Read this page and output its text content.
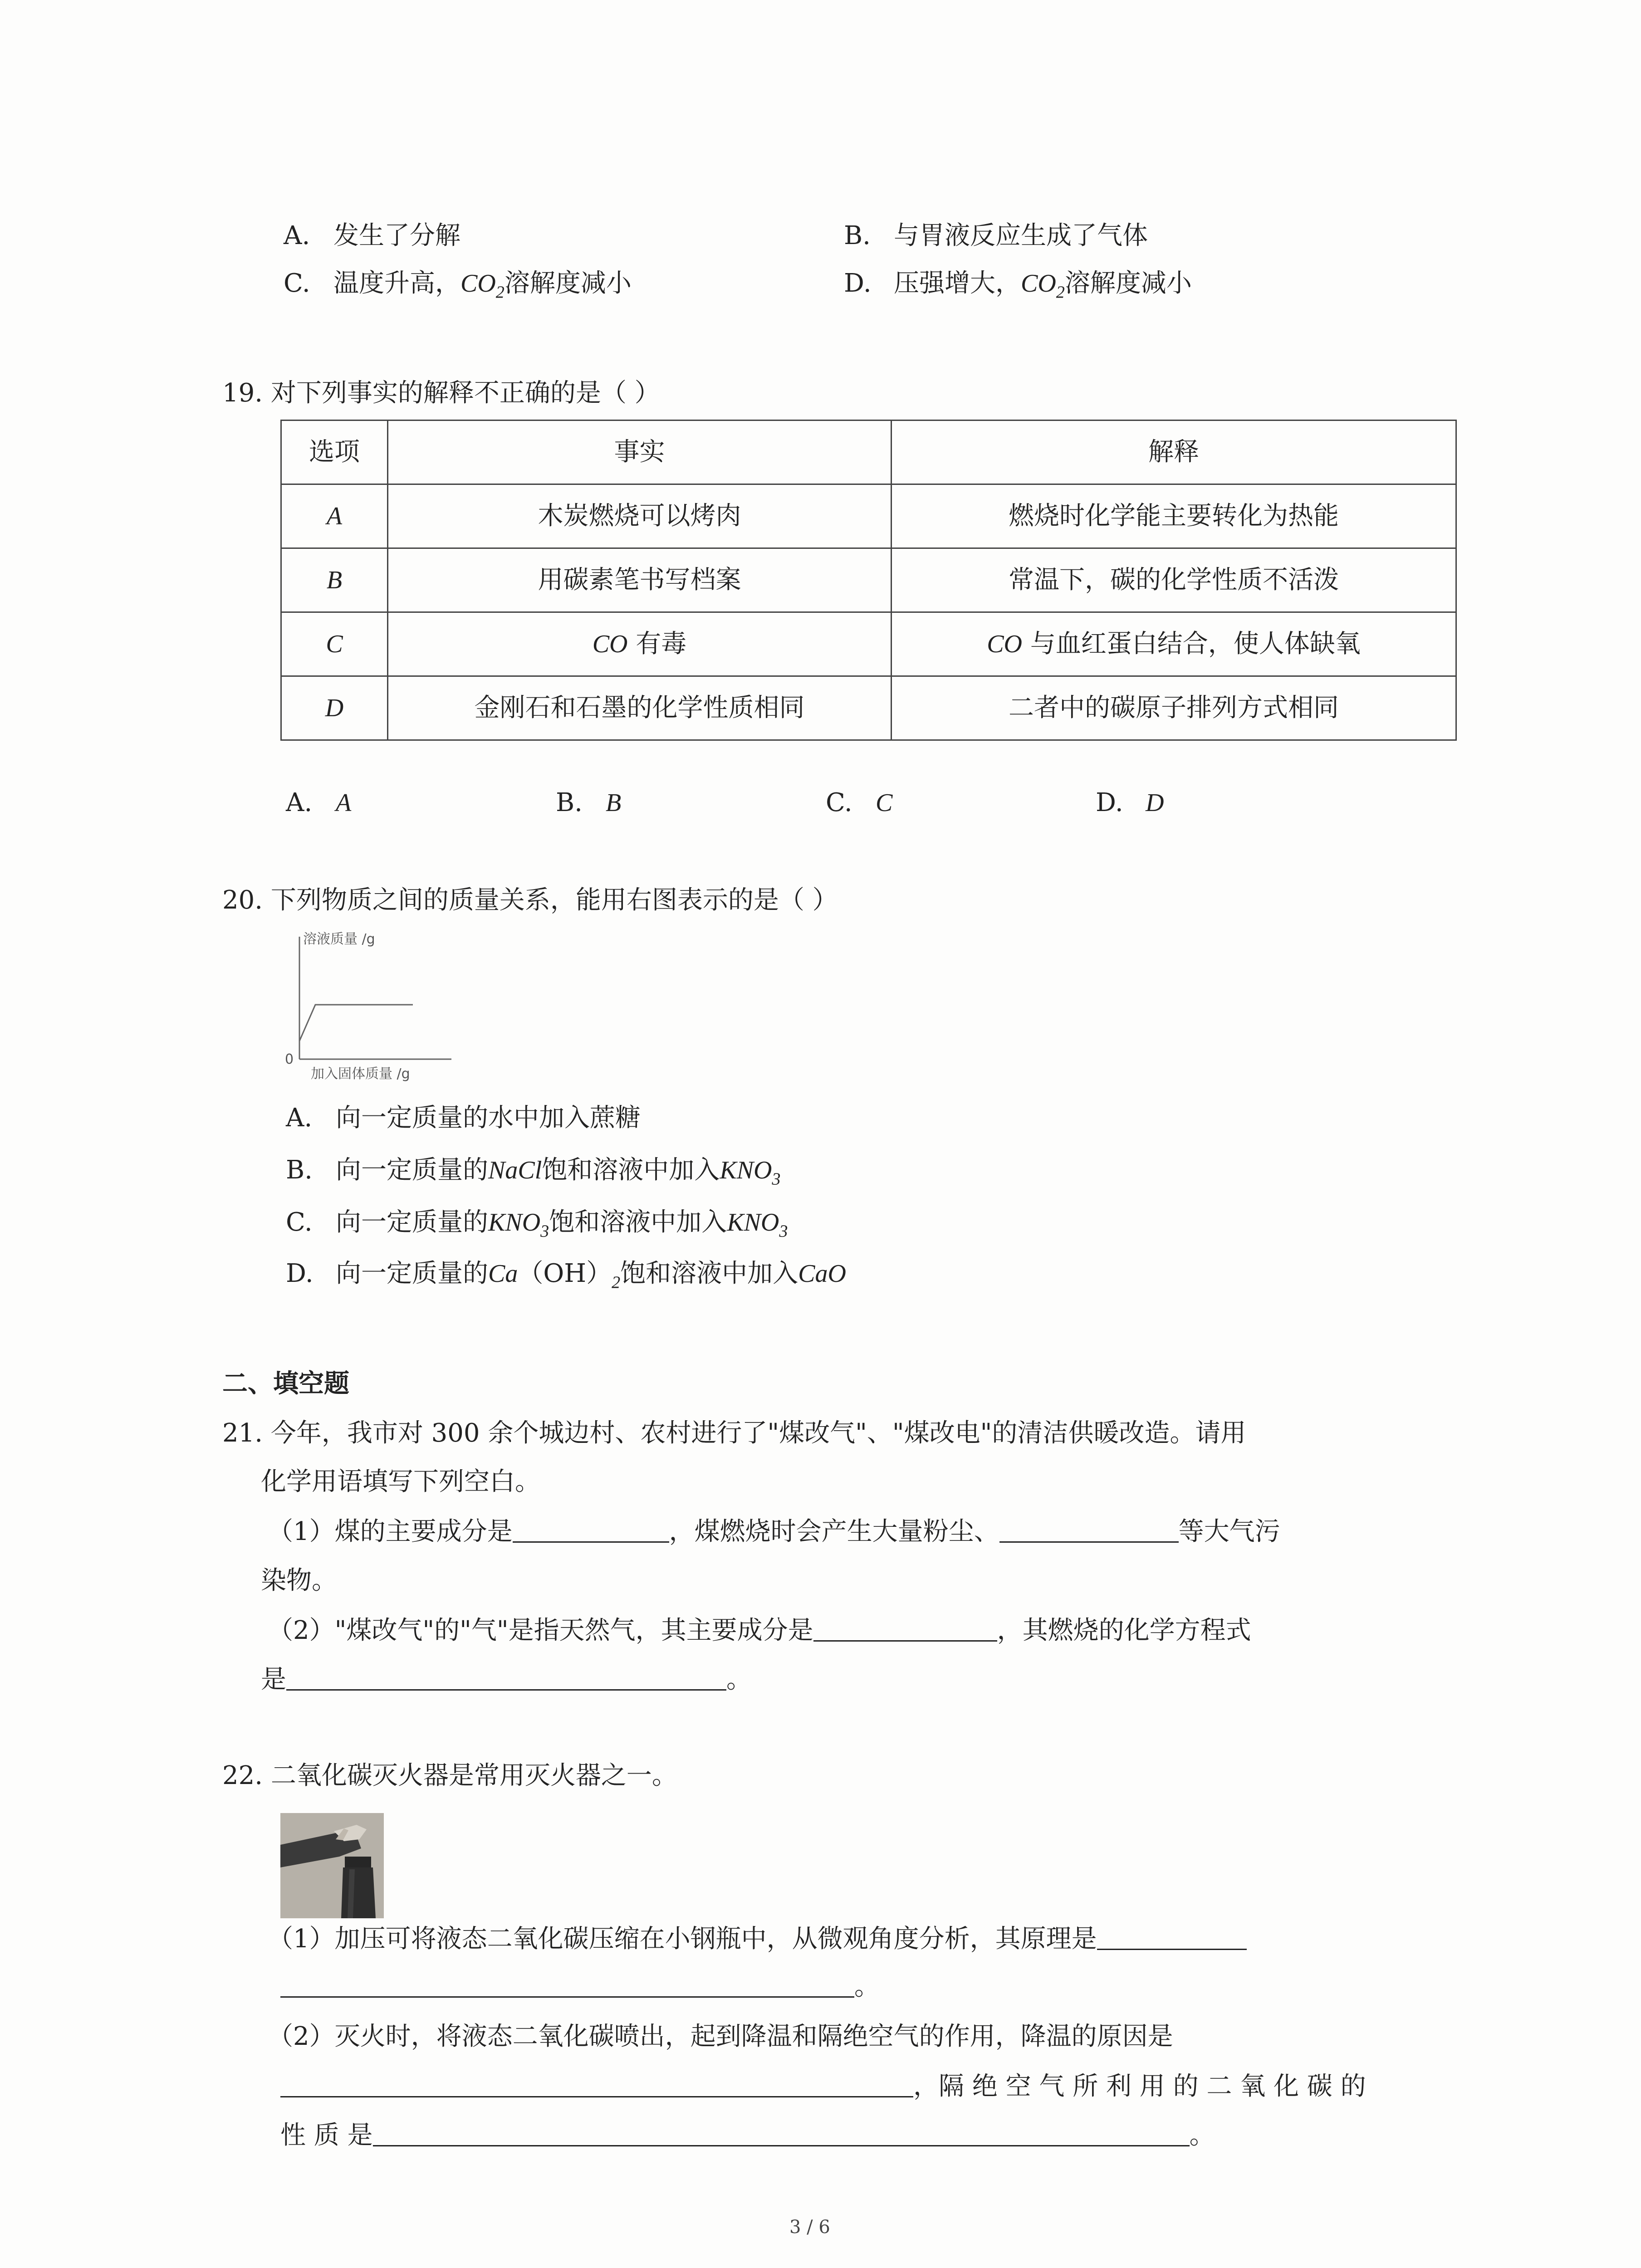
A. 发生了分解	B. 与胃液反应生成了气体
C. 温度升高，$CO_2$溶解度减小	D. 压强增大，$CO_2$溶解度减小
19. 对下列事实的解释不正确的是（ ）
选项	事实	解释
A	木炭燃烧可以烤肉	燃烧时化学能主要转化为热能
B	用碳素笔书写档案	常温下，碳的化学性质不活泼
C	CO 有毒	CO 与血红蛋白结合，使人体缺氧
D	金刚石和石墨的化学性质相同	二者中的碳原子排列方式相同
A. A	B. B	C. C	D. D
20. 下列物质之间的质量关系，能用右图表示的是（ ）
溶液质量 /g
0
加入固体质量 /g
A. 向一定质量的水中加入蔗糖
B. 向一定质量的NaCl饱和溶液中加入$KNO_3$
C. 向一定质量的$KNO_3$饱和溶液中加入$KNO_3$
D. 向一定质量的$Ca(OH)_2$饱和溶液中加入CaO
二、填空题
21. 今年，我市对 300 余个城边村、农村进行了"煤改气"、"煤改电"的清洁供暖改造。请用
化学用语填写下列空白。
（1）煤的主要成分是	，煤燃烧时会产生大量粉尘、	等大气污
染物。
（2）"煤改气"的"气"是指天然气，其主要成分是	，其燃烧的化学方程式
是	。
22. 二氧化碳灭火器是常用灭火器之一。
（1）加压可将液态二氧化碳压缩在小钢瓶中，从微观角度分析，其原理是
。
（2）灭火时，将液态二氧化碳喷出，起到降温和隔绝空气的作用，降温的原因是
，隔 绝 空 气 所 利 用 的 二 氧 化 碳 的
性 质 是	。
3 / 6
